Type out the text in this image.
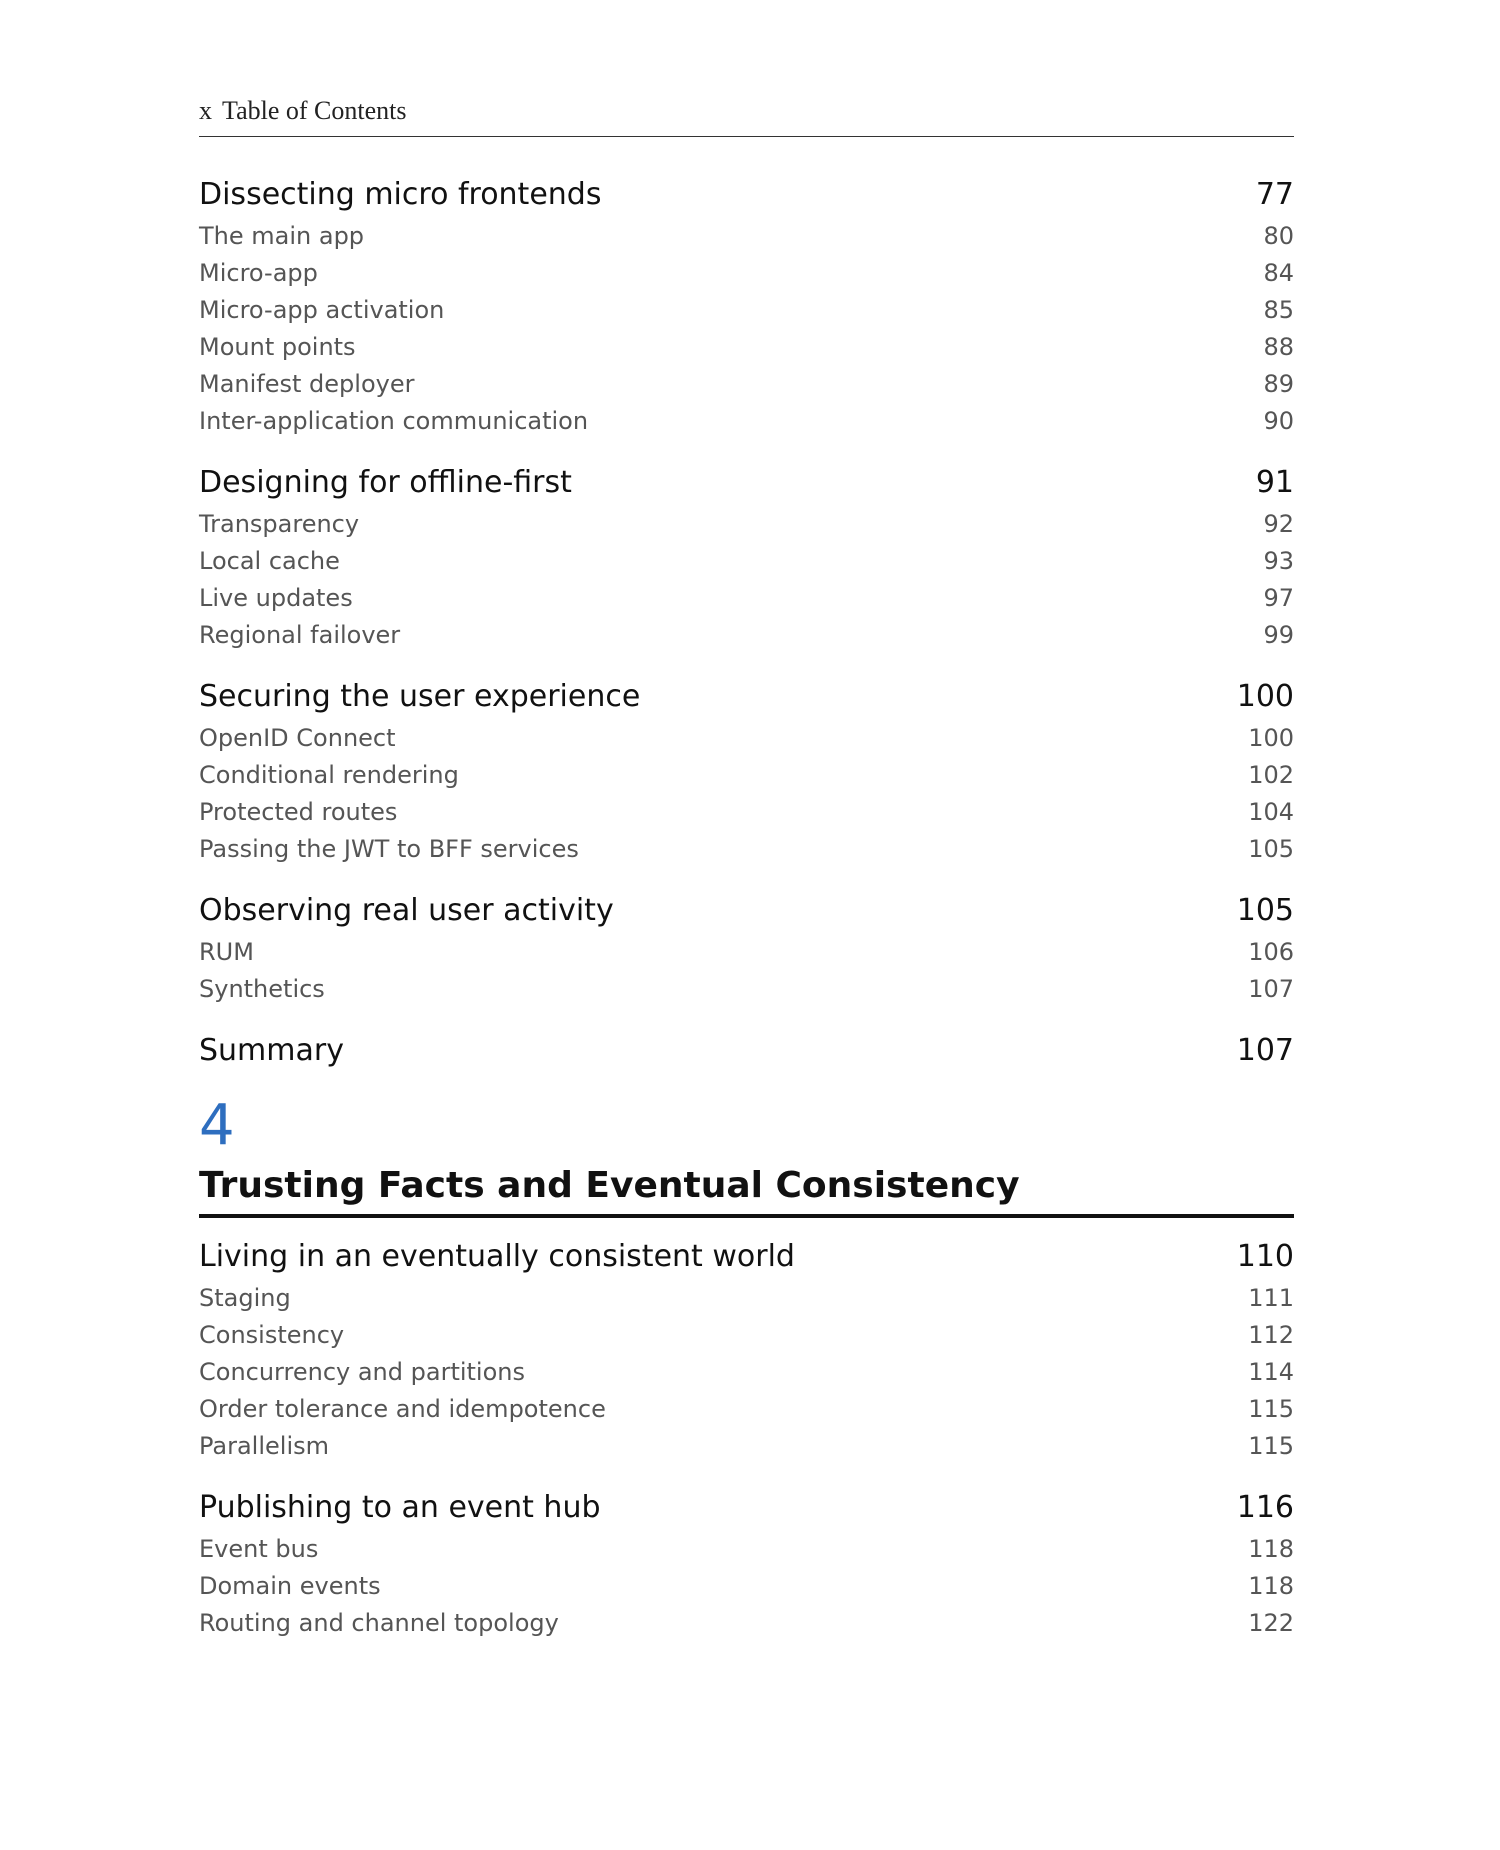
x Table of Contents
Dissecting micro frontends	77
The main app	80
Micro-app	84
Micro-app activation	85
Mount points	88
Manifest deployer	89
Inter-application communication	90
Designing for offline-first	91
Transparency	92
Local cache	93
Live updates	97
Regional failover	99
Securing the user experience	100
OpenID Connect	100
Conditional rendering	102
Protected routes	104
Passing the JWT to BFF services	105
Observing real user activity	105
RUM	106
Synthetics	107
Summary	107
4
Trusting Facts and Eventual Consistency
Living in an eventually consistent world	110
Staging	111
Consistency	112
Concurrency and partitions	114
Order tolerance and idempotence	115
Parallelism	115
Publishing to an event hub	116
Event bus	118
Domain events	118
Routing and channel topology	122
